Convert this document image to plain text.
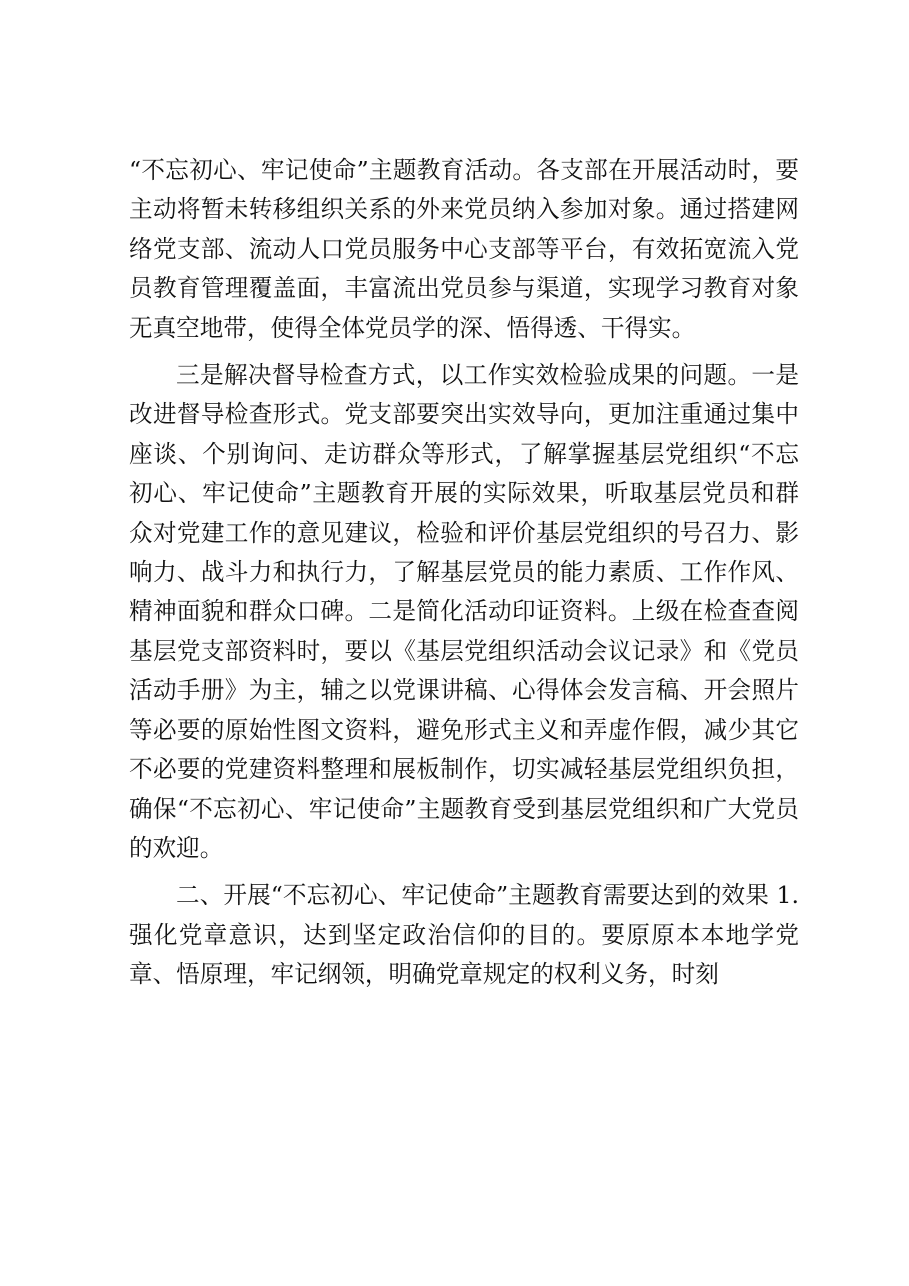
“不忘初心、牢记使命”主题教育活动。各支部在开展活动时，要主动将暂未转移组织关系的外来党员纳入参加对象。通过搭建网络党支部、流动人口党员服务中心支部等平台，有效拓宽流入党员教育管理覆盖面，丰富流出党员参与渠道，实现学习教育对象无真空地带，使得全体党员学的深、悟得透、干得实。

三是解决督导检查方式，以工作实效检验成果的问题。一是改进督导检查形式。党支部要突出实效导向，更加注重通过集中座谈、个别询问、走访群众等形式，了解掌握基层党组织“不忘初心、牢记使命”主题教育开展的实际效果，听取基层党员和群众对党建工作的意见建议，检验和评价基层党组织的号召力、影响力、战斗力和执行力，了解基层党员的能力素质、工作作风、精神面貌和群众口碑。二是简化活动印证资料。上级在检查查阅基层党支部资料时，要以《基层党组织活动会议记录》和《党员活动手册》为主，辅之以党课讲稿、心得体会发言稿、开会照片等必要的原始性图文资料，避免形式主义和弄虚作假，减少其它不必要的党建资料整理和展板制作，切实减轻基层党组织负担，确保“不忘初心、牢记使命”主题教育受到基层党组织和广大党员的欢迎。

二、开展“不忘初心、牢记使命”主题教育需要达到的效果 1. 强化党章意识，达到坚定政治信仰的目的。要原原本本地学党章、悟原理，牢记纲领，明确党章规定的权利义务，时刻
